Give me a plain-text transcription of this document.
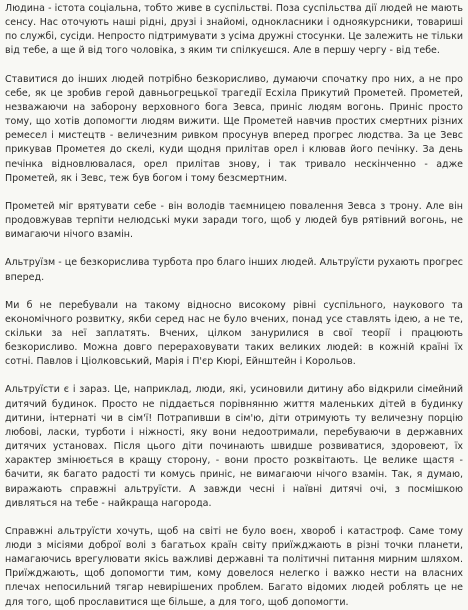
Людина - істота соціальна, тобто живе в суспільстві. Поза суспільства дії людей не мають сенсу. Нас оточують наші рідні, друзі і знайомі, однокласники і одноякурсники, товариші по службі, сусіди. Непросто підтримувати з усіма дружні стосунки. Це залежить не тільки від тебе, а ще й від того чоловіка, з яким ти спілкуєшся. Але в першу чергу - від тебе.

Ставитися до інших людей потрібно безкорисливо, думаючи спочатку про них, а не про себе, як це зробив герой давньогрецької трагедії Есхіла Прикутий Прометей. Прометей, незважаючи на заборону верховного бога Зевса, приніс людям вогонь. Приніс просто тому, що хотів допомогти людям вижити. Ще Прометей навчив простих смертних різних ремесел і мистецтв - величезним ривком просунув вперед прогрес людства. За це Зевс прикував Прометея до скелі, куди щодня прилітав орел і клював його печінку. За день печінка відновлювалася, орел прилітав знову, і так тривало нескінченно - адже Прометей, як і Зевс, теж був богом і тому безсмертним.

Прометей міг врятувати себе - він володів таємницею повалення Зевса з трону. Але він продовжував терпіти нелюдські муки заради того, щоб у людей був рятівний вогонь, не вимагаючи нічого взамін.

Альтруїзм - це безкорислива турбота про благо інших людей. Альтруїсти рухають прогрес вперед.

Ми б не перебували на такому відносно високому рівні суспільного, наукового та економічного розвитку, якби серед нас не було вчених, понад усе ставлять ідею, а не те, скільки за неї заплатять. Вчених, цілком занурилися в свої теорії і працюють безкорисливо. Можна довго перераховувати таких великих людей: в кожній країні їх сотні. Павлов і Ціолковський, Марія і П'єр Кюрі, Ейнштейн і Корольов.

Альтруїсти є і зараз. Це, наприклад, люди, які, усиновили дитину або відкрили сімейний дитячий будинок. Просто не піддається порівнянню життя маленьких дітей в будинку дитини, інтернаті чи в сім'ї! Потрапивши в сім'ю, діти отримують ту величезну порцію любові, ласки, турботи і ніжності, яку вони недоотримали, перебуваючи в державних дитячих установах. Після цього діти починають швидше розвиватися, здоровеют, їх характер змінюється в кращу сторону, - вони просто розквітають. Це велике щастя - бачити, як багато радості ти комусь приніс, не вимагаючи нічого взамін. Так, я думаю, виражають справжні альтруїсти. А завжди чесні і наївні дитячі очі, з посмішкою дивляться на тебе - найкраща нагорода.

Справжні альтруїсти хочуть, щоб на світі не було воєн, хвороб і катастроф. Саме тому люди з місіями доброї волі з багатьох країн світу приїжджають в різні точки планети, намагаючись врегулювати якісь важливі державні та політичні питання мирним шляхом. Приїжджають, щоб допомогти тим, кому довелося нелегко і важко нести на власних плечах непосильний тягар невирішених проблем. Багато відомих людей роблять це не для того, щоб прославитися ще більше, а для того, щоб допомогти.
